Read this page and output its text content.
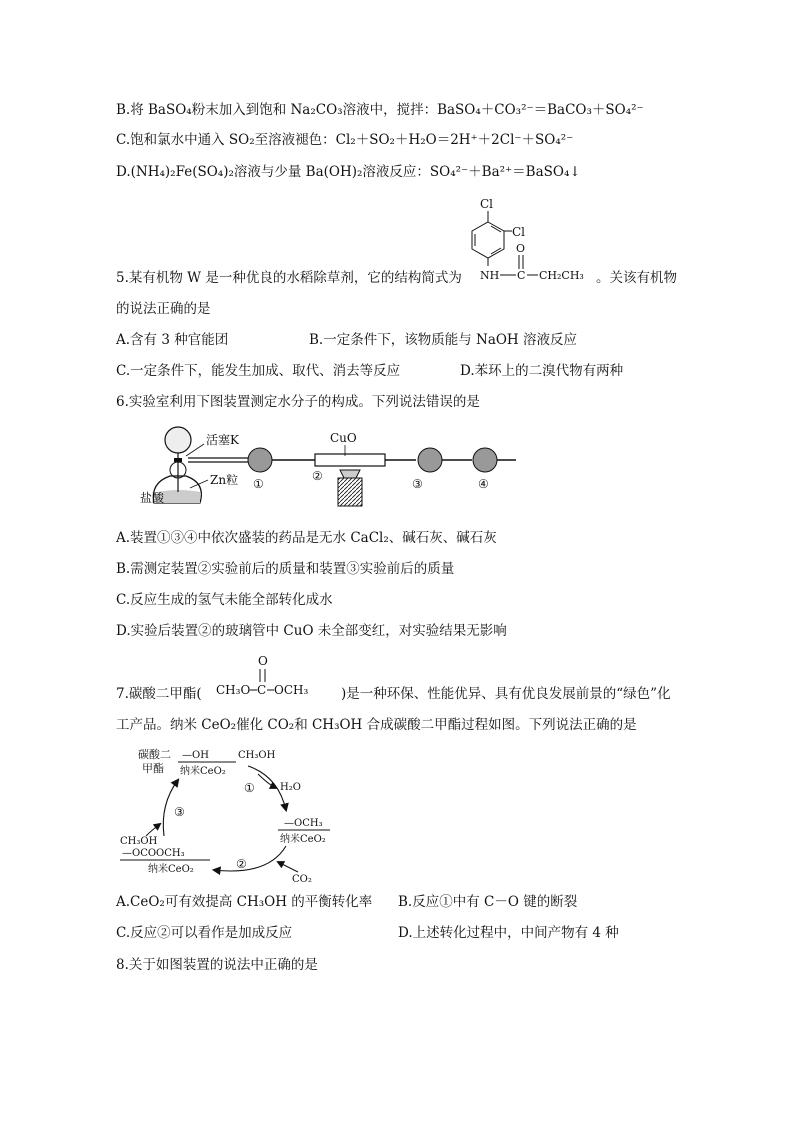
B.将 BaSO₄粉末加入到饱和 Na₂CO₃溶液中，搅拌：BaSO₄＋CO₃²⁻＝BaCO₃＋SO₄²⁻
C.饱和氯水中通入 SO₂至溶液褪色：Cl₂＋SO₂＋H₂O＝2H⁺＋2Cl⁻＋SO₄²⁻
D.(NH₄)₂Fe(SO₄)₂溶液与少量 Ba(OH)₂溶液反应：SO₄²⁻＋Ba²⁺＝BaSO₄↓
5.某有机物 W 是一种优良的水稻除草剂，它的结构简式为	。关该有机物
的说法正确的是
A.含有 3 种官能团	B.一定条件下，该物质能与 NaOH 溶液反应
C.一定条件下，能发生加成、取代、消去等反应	D.苯环上的二溴代物有两种
6.实验室利用下图装置测定水分子的构成。下列说法错误的是
A.装置①③④中依次盛装的药品是无水 CaCl₂、碱石灰、碱石灰
B.需测定装置②实验前后的质量和装置③实验前后的质量
C.反应生成的氢气未能全部转化成水
D.实验后装置②的玻璃管中 CuO 未全部变红，对实验结果无影响
7.碳酸二甲酯(	)是一种环保、性能优异、具有优良发展前景的“绿色”化
工产品。纳米 CeO₂催化 CO₂和 CH₃OH 合成碳酸二甲酯过程如图。下列说法正确的是
A.CeO₂可有效提高 CH₃OH 的平衡转化率 B.反应①中有 C－O 键的断裂
C.反应②可以看作是加成反应	D.上述转化过程中，中间产物有 4 种
8.关于如图装置的说法中正确的是
Cl
Cl
NH
O
C CH₂CH₃
活塞K
Zn粒
盐酸
①
CuO
②
③	④
O
CH₃O C OCH₃
碳酸二
甲酯
—OH
纳米CeO₂
CH₃OH
H₂O
①
—OCH₃
纳米CeO₂
CO₂
②
CH₃OH
—OCOOCH₃
纳米CeO₂
③
